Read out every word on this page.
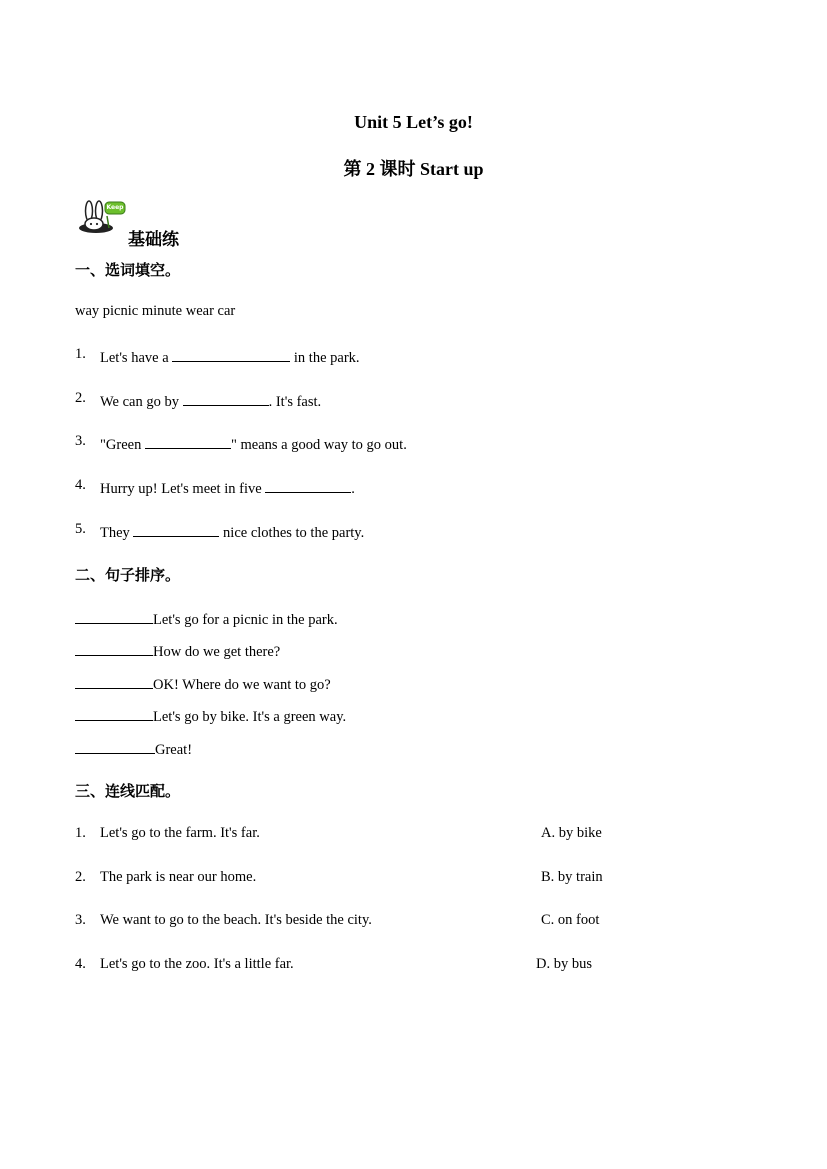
Unit 5 Let’s go!
第 2 课时 Start up
Keep
基础练
一、选词填空。
way picnic minute wear car
1. Let's have a	in the park.
2. We can go by	. It's fast.
3. "Green	" means a good way to go out.
4. Hurry up! Let's meet in five	.
5. They	nice clothes to the party.
二、句子排序。
Let's go for a picnic in the park.
How do we get there?
OK! Where do we want to go?
Let's go by bike. It's a green way.
Great!
三、连线匹配。
1. Let's go to the farm. It's far.	A. by bike
2. The park is near our home.	B. by train
3. We want to go to the beach. It's beside the city.	C. on foot
4. Let's go to the zoo. It's a little far.	D. by bus
